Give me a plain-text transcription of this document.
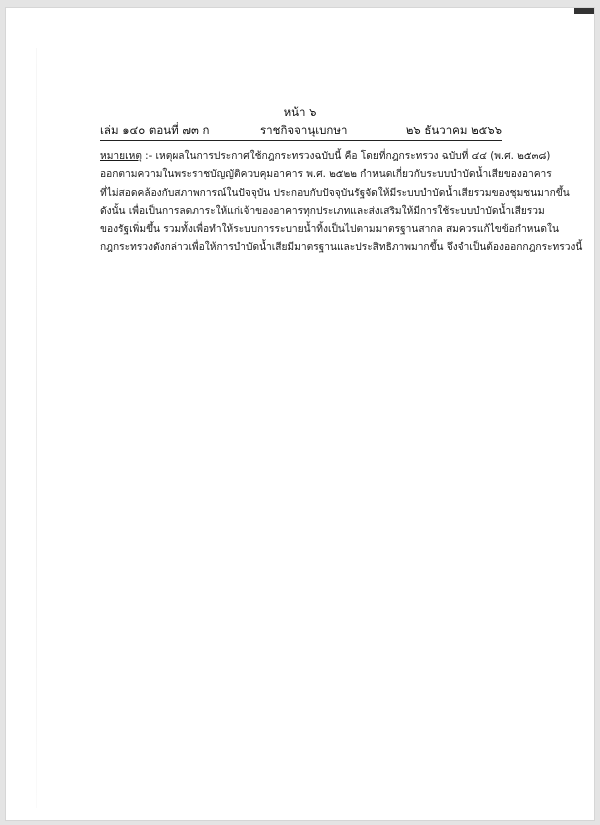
หน้า ๖
เล่ม ๑๔๐ ตอนที่ ๗๓ ก	ราชกิจจานุเบกษา	๒๖ ธันวาคม ๒๕๖๖
หมายเหตุ :- เหตุผลในการประกาศใช้กฎกระทรวงฉบับนี้ คือ โดยที่กฎกระทรวง ฉบับที่ ๔๔ (พ.ศ. ๒๕๓๘)
ออกตามความในพระราชบัญญัติควบคุมอาคาร พ.ศ. ๒๕๒๒ กำหนดเกี่ยวกับระบบบำบัดน้ำเสียของอาคาร
ที่ไม่สอดคล้องกับสภาพการณ์ในปัจจุบัน ประกอบกับปัจจุบันรัฐจัดให้มีระบบบำบัดน้ำเสียรวมของชุมชนมากขึ้น
ดังนั้น เพื่อเป็นการลดภาระให้แก่เจ้าของอาคารทุกประเภทและส่งเสริมให้มีการใช้ระบบบำบัดน้ำเสียรวม
ของรัฐเพิ่มขึ้น รวมทั้งเพื่อทำให้ระบบการระบายน้ำทิ้งเป็นไปตามมาตรฐานสากล สมควรแก้ไขข้อกำหนดใน
กฎกระทรวงดังกล่าวเพื่อให้การบำบัดน้ำเสียมีมาตรฐานและประสิทธิภาพมากขึ้น จึงจำเป็นต้องออกกฎกระทรวงนี้
